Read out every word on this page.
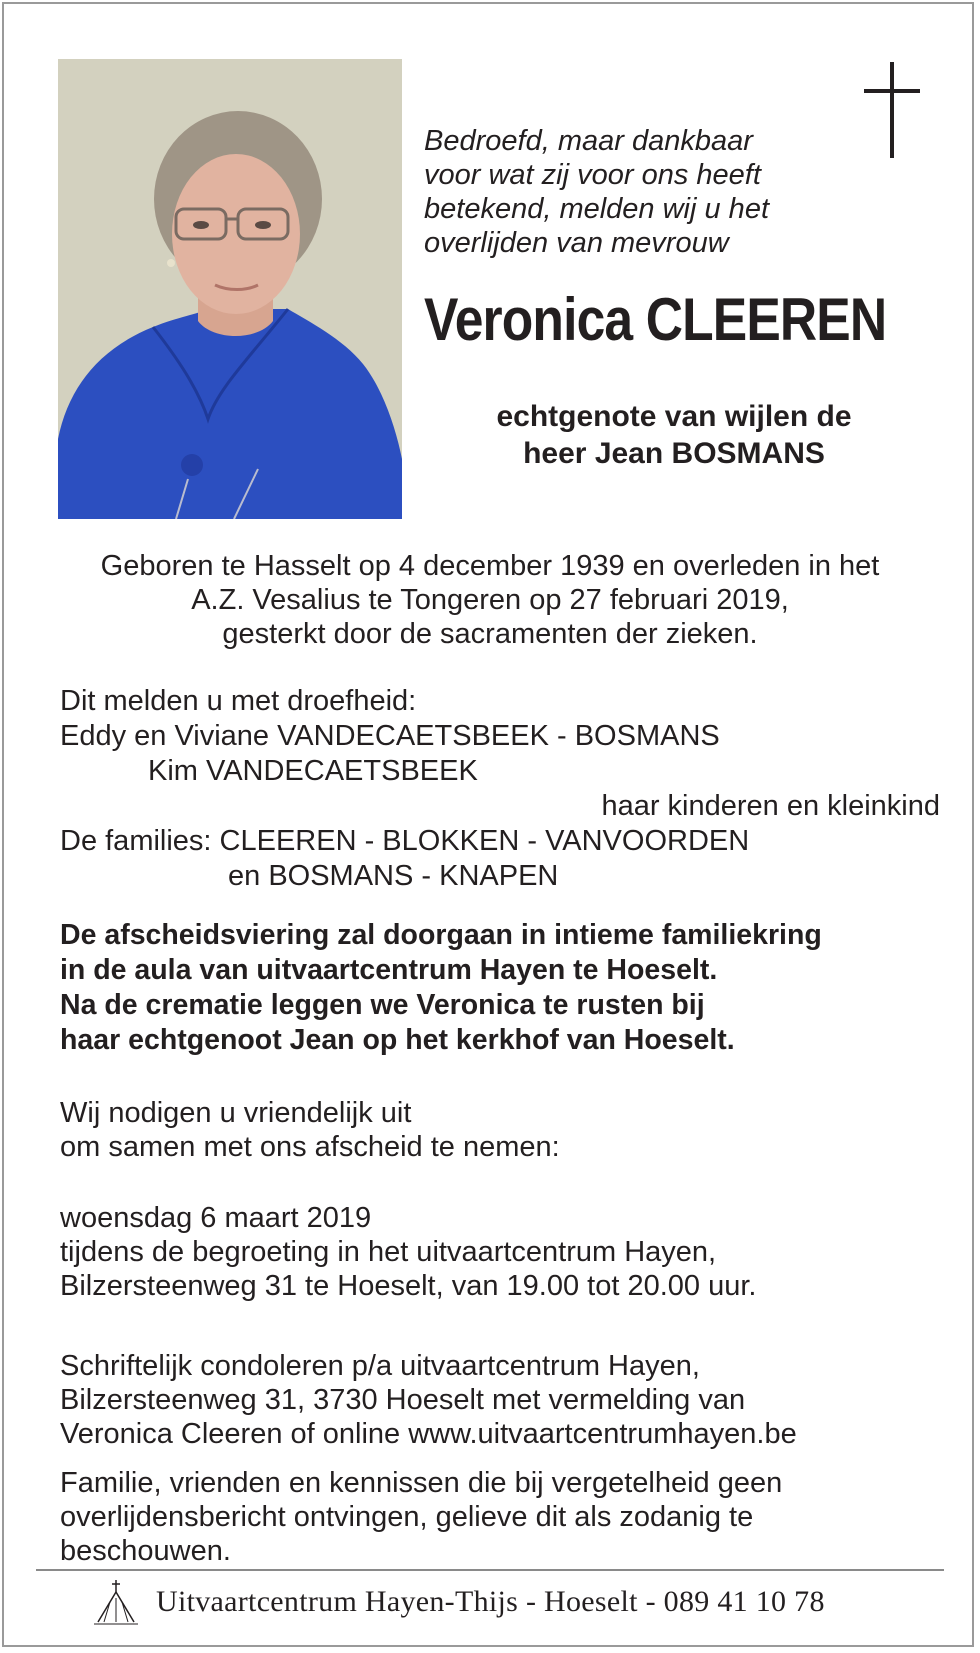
Bedroefd, maar dankbaar
voor wat zij voor ons heeft
betekend, melden wij u het
overlijden van mevrouw
Veronica CLEEREN
echtgenote van wijlen de
heer Jean BOSMANS
Geboren te Hasselt op 4 december 1939 en overleden in het
A.Z. Vesalius te Tongeren op 27 februari 2019,
gesterkt door de sacramenten der zieken.
Dit melden u met droefheid:
Eddy en Viviane VANDECAETSBEEK - BOSMANS
Kim VANDECAETSBEEK
haar kinderen en kleinkind
De families: CLEEREN - BLOKKEN - VANVOORDEN
en BOSMANS - KNAPEN
De afscheidsviering zal doorgaan in intieme familiekring
in de aula van uitvaartcentrum Hayen te Hoeselt.
Na de crematie leggen we Veronica te rusten bij
haar echtgenoot Jean op het kerkhof van Hoeselt.
Wij nodigen u vriendelijk uit
om samen met ons afscheid te nemen:
woensdag 6 maart 2019
tijdens de begroeting in het uitvaartcentrum Hayen,
Bilzersteenweg 31 te Hoeselt, van 19.00 tot 20.00 uur.
Schriftelijk condoleren p/a uitvaartcentrum Hayen,
Bilzersteenweg 31, 3730 Hoeselt met vermelding van
Veronica Cleeren of online www.uitvaartcentrumhayen.be
Familie, vrienden en kennissen die bij vergetelheid geen
overlijdensbericht ontvingen, gelieve dit als zodanig te
beschouwen.
Uitvaartcentrum Hayen-Thijs - Hoeselt - 089 41 10 78
